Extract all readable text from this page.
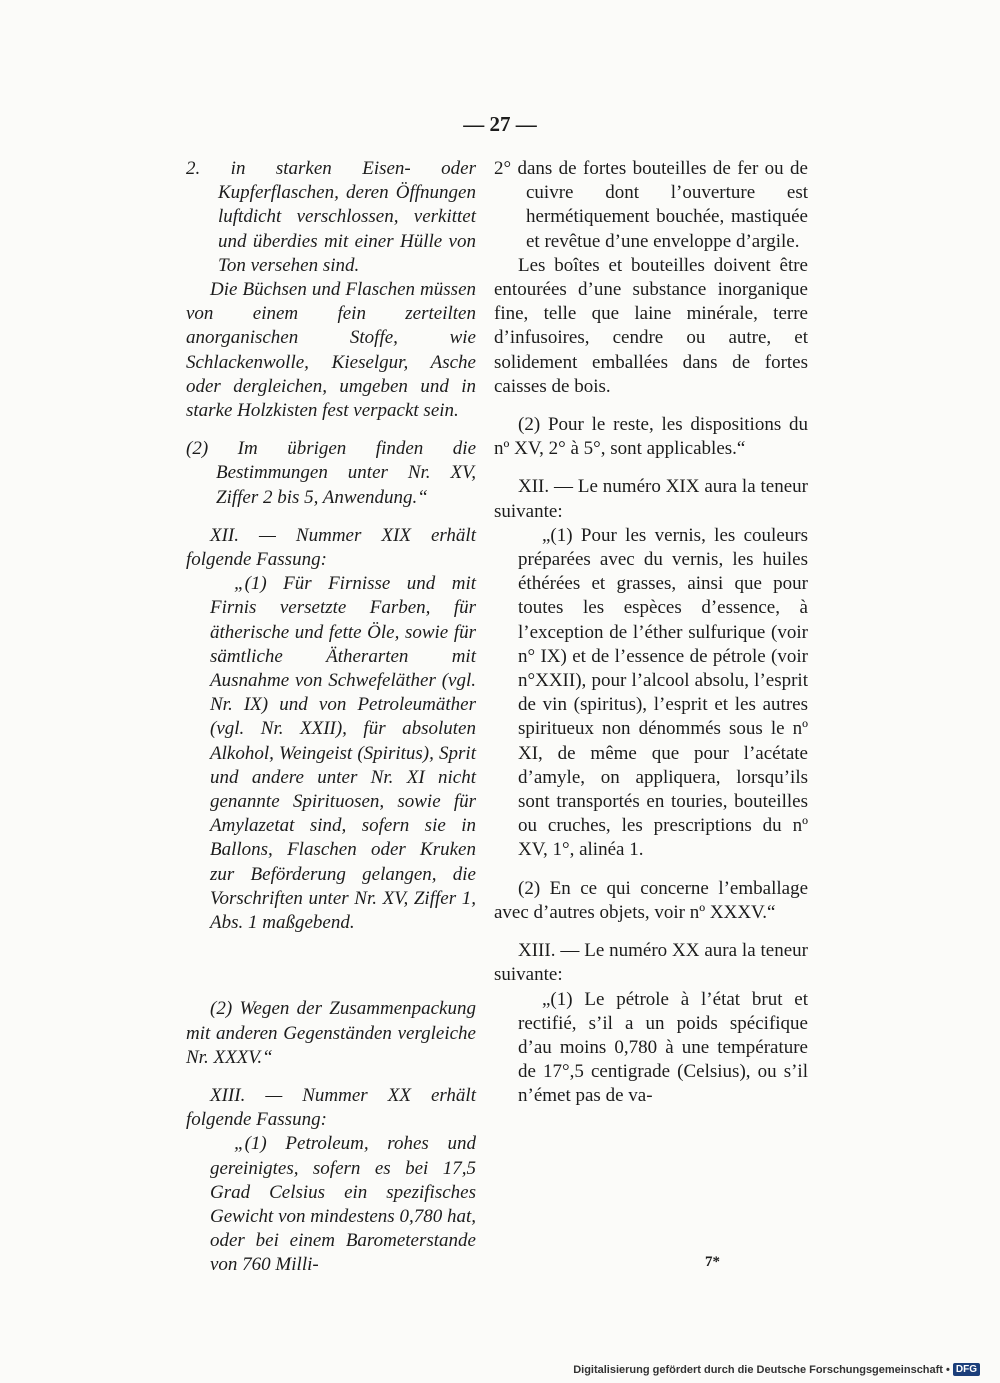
— 27 —

2. in starken Eisen- oder Kupferflaschen, deren Öffnungen luftdicht verschlossen, verkittet und überdies mit einer Hülle von Ton versehen sind.

Die Büchsen und Flaschen müssen von einem fein zerteilten anorganischen Stoffe, wie Schlackenwolle, Kieselgur, Asche oder dergleichen, umgeben und in starke Holzkisten fest verpackt sein.

(2) Im übrigen finden die Bestimmungen unter Nr. XV, Ziffer 2 bis 5, Anwendung.“

XII. — Nummer XIX erhält folgende Fassung:

„(1) Für Firnisse und mit Firnis versetzte Farben, für ätherische und fette Öle, sowie für sämtliche Ätherarten mit Ausnahme von Schwefeläther (vgl. Nr. IX) und von Petroleumäther (vgl. Nr. XXII), für absoluten Alkohol, Weingeist (Spiritus), Sprit und andere unter Nr. XI nicht genannte Spirituosen, sowie für Amylazetat sind, sofern sie in Ballons, Flaschen oder Kruken zur Beförderung gelangen, die Vorschriften unter Nr. XV, Ziffer 1, Abs. 1 maßgebend.

(2) Wegen der Zusammenpackung mit anderen Gegenständen vergleiche Nr. XXXV.“

XIII. — Nummer XX erhält folgende Fassung:

„(1) Petroleum, rohes und gereinigtes, sofern es bei 17,5 Grad Celsius ein spezifisches Gewicht von mindestens 0,780 hat, oder bei einem Barometerstande von 760 Milli-

2° dans de fortes bouteilles de fer ou de cuivre dont l’ouverture est hermétiquement bouchée, mastiquée et revêtue d’une enveloppe d’argile.

Les boîtes et bouteilles doivent être entourées d’une substance inorganique fine, telle que laine minérale, terre d’infusoires, cendre ou autre, et solidement emballées dans de fortes caisses de bois.

(2) Pour le reste, les dispositions du nº XV, 2° à 5°, sont applicables.“

XII. — Le numéro XIX aura la teneur suivante:

„(1) Pour les vernis, les couleurs préparées avec du vernis, les huiles éthérées et grasses, ainsi que pour toutes les espèces d’essence, à l’exception de l’éther sulfurique (voir n° IX) et de l’essence de pétrole (voir n°XXII), pour l’alcool absolu, l’esprit de vin (spiritus), l’esprit et les autres spiritueux non dénommés sous le nº XI, de même que pour l’acétate d’amyle, on appliquera, lorsqu’ils sont transportés en touries, bouteilles ou cruches, les prescriptions du nº XV, 1°, alinéa 1.

(2) En ce qui concerne l’emballage avec d’autres objets, voir nº XXXV.“

XIII. — Le numéro XX aura la teneur suivante:

„(1) Le pétrole à l’état brut et rectifié, s’il a un poids spécifique d’au moins 0,780 à une température de 17°,5 centigrade (Celsius), ou s’il n’émet pas de va-

7*
Digitalisierung gefördert durch die Deutsche Forschungsgemeinschaft • DFG
